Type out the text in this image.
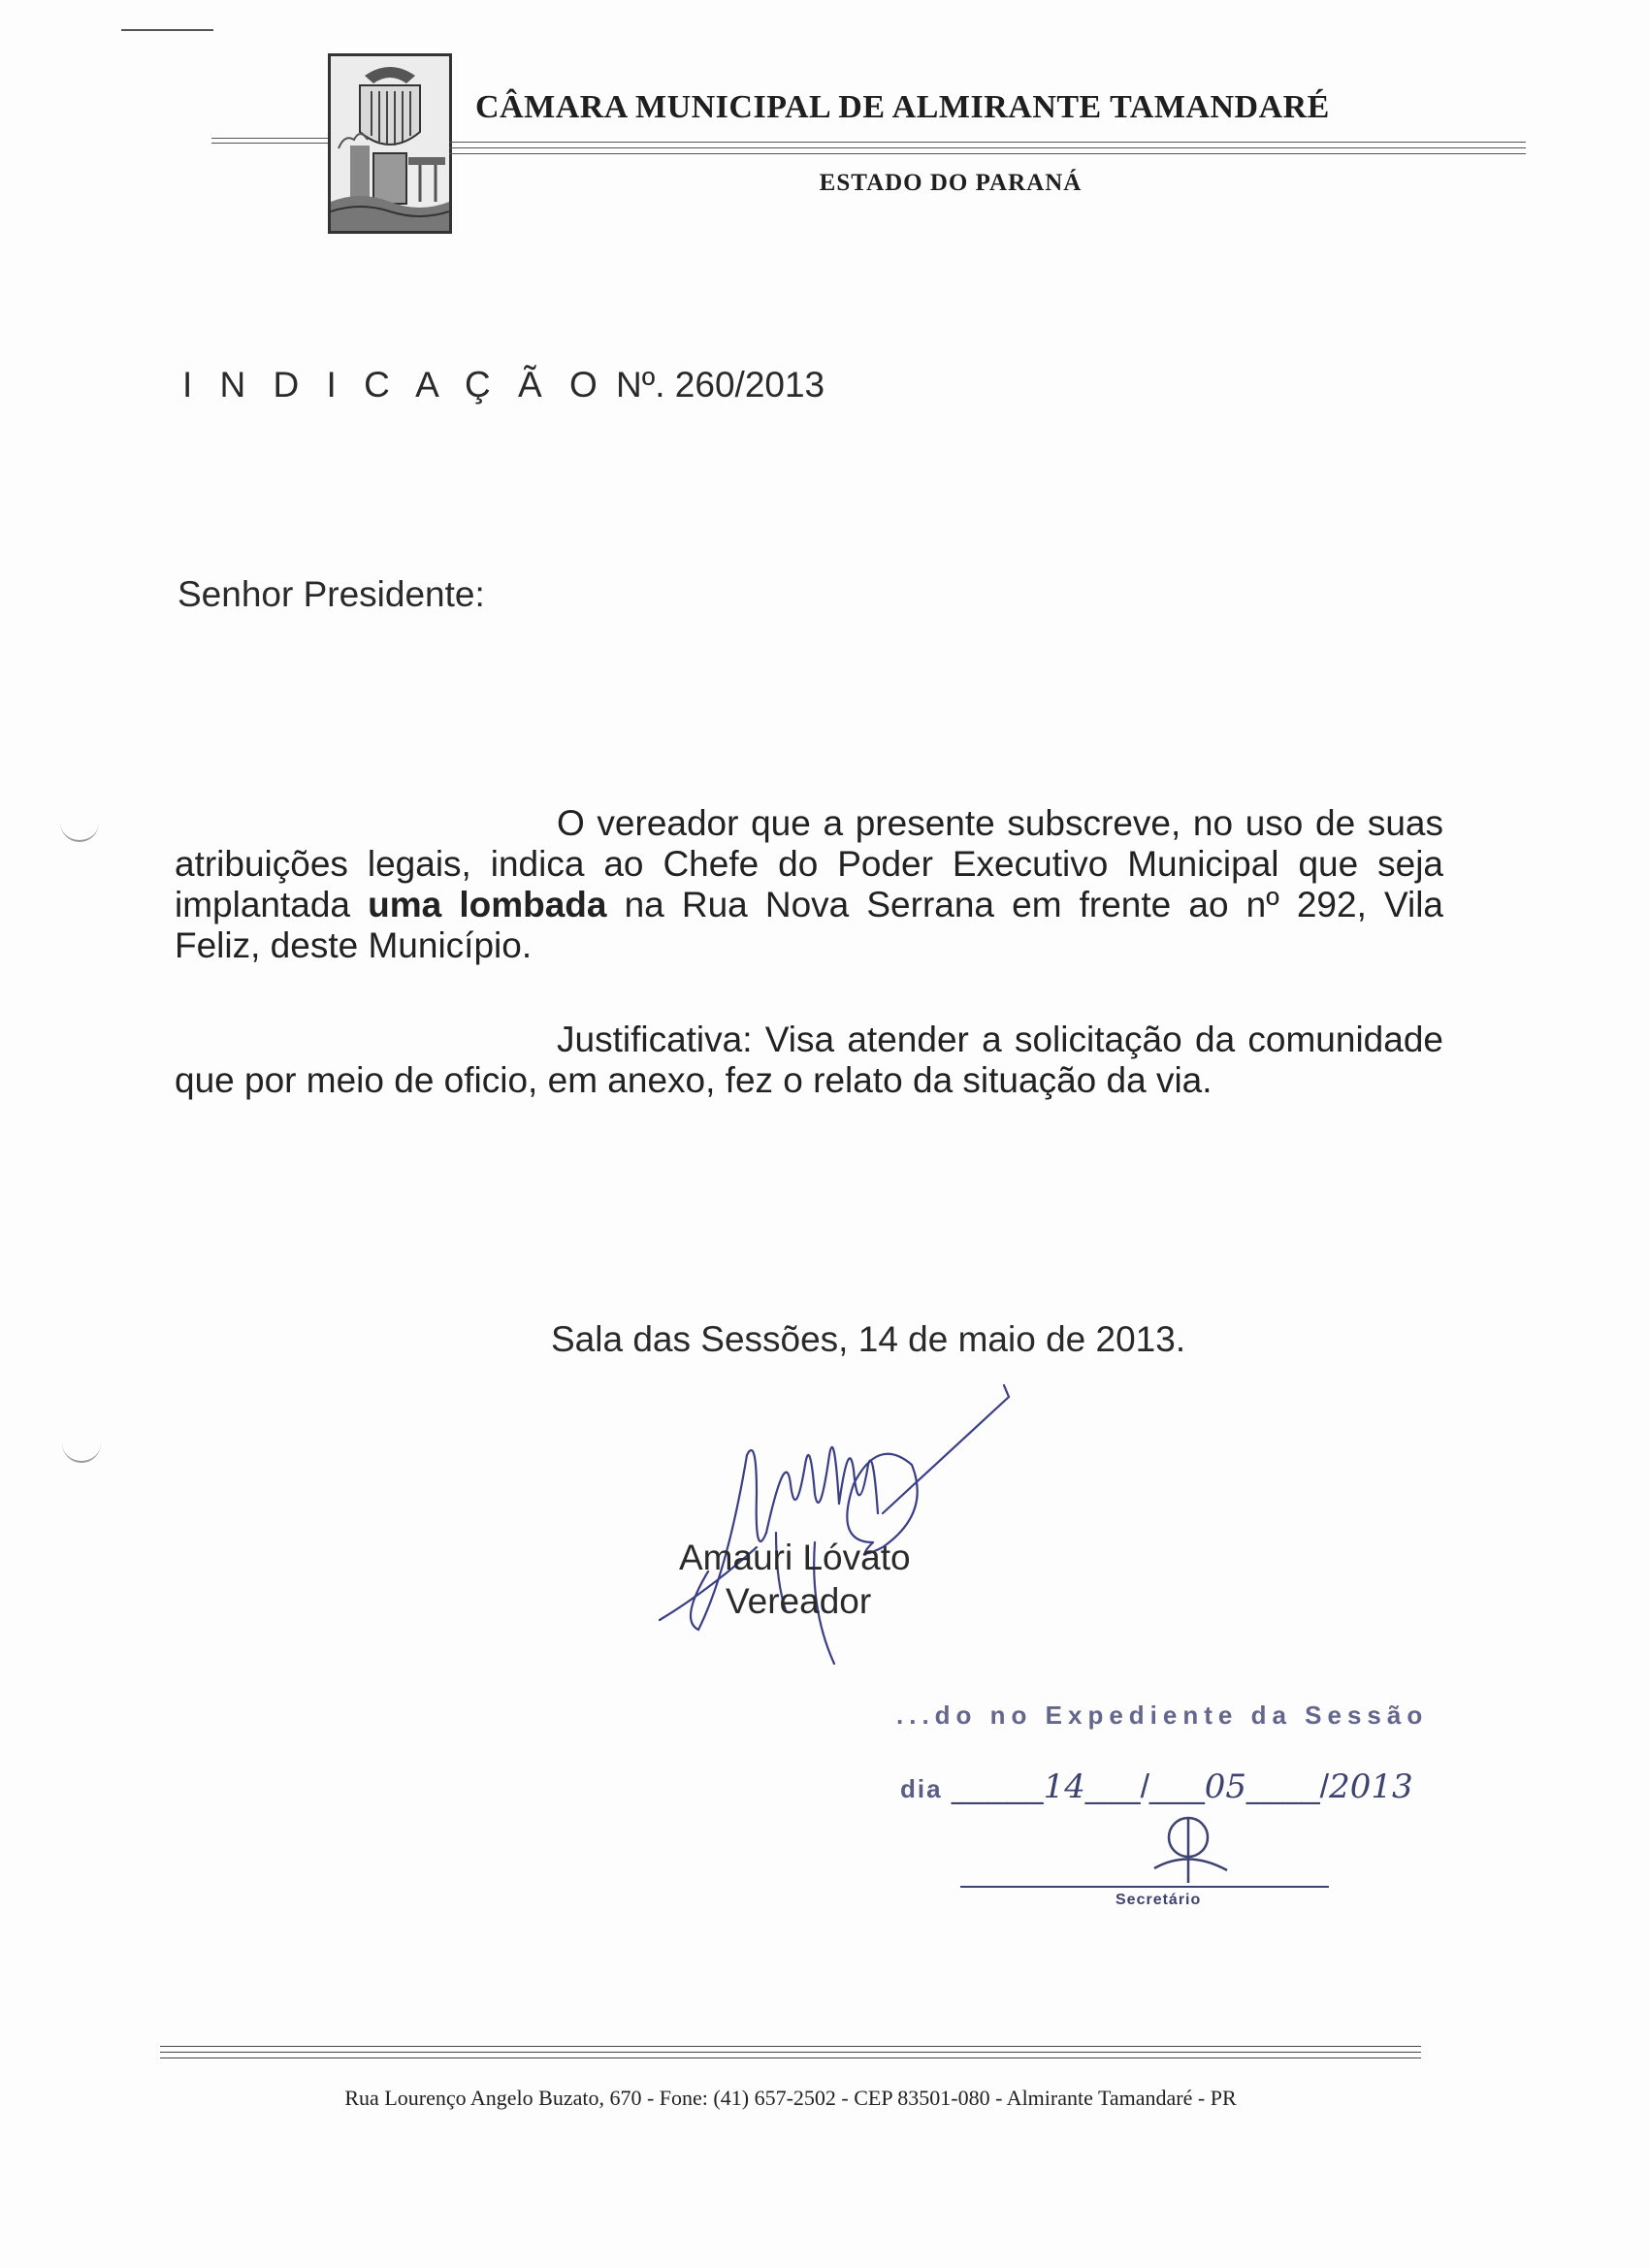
CÂMARA MUNICIPAL DE ALMIRANTE TAMANDARÉ
ESTADO DO PARANÁ
I N D I C A Ç Ã O Nº. 260/2013
Senhor Presidente:
O vereador que a presente subscreve, no uso de suas atribuições legais, indica ao Chefe do Poder Executivo Municipal que seja implantada uma lombada na Rua Nova Serrana em frente ao nº 292, Vila Feliz, deste Município.
Justificativa: Visa atender a solicitação da comunidade que por meio de oficio, em anexo, fez o relato da situação da via.
Sala das Sessões, 14 de maio de 2013.
Amauri Lóvato
Vereador
...do no Expediente da Sessão
dia _____14___/___05____/2013
Secretário
Rua Lourenço Angelo Buzato, 670 - Fone: (41) 657-2502 - CEP 83501-080 - Almirante Tamandaré - PR
